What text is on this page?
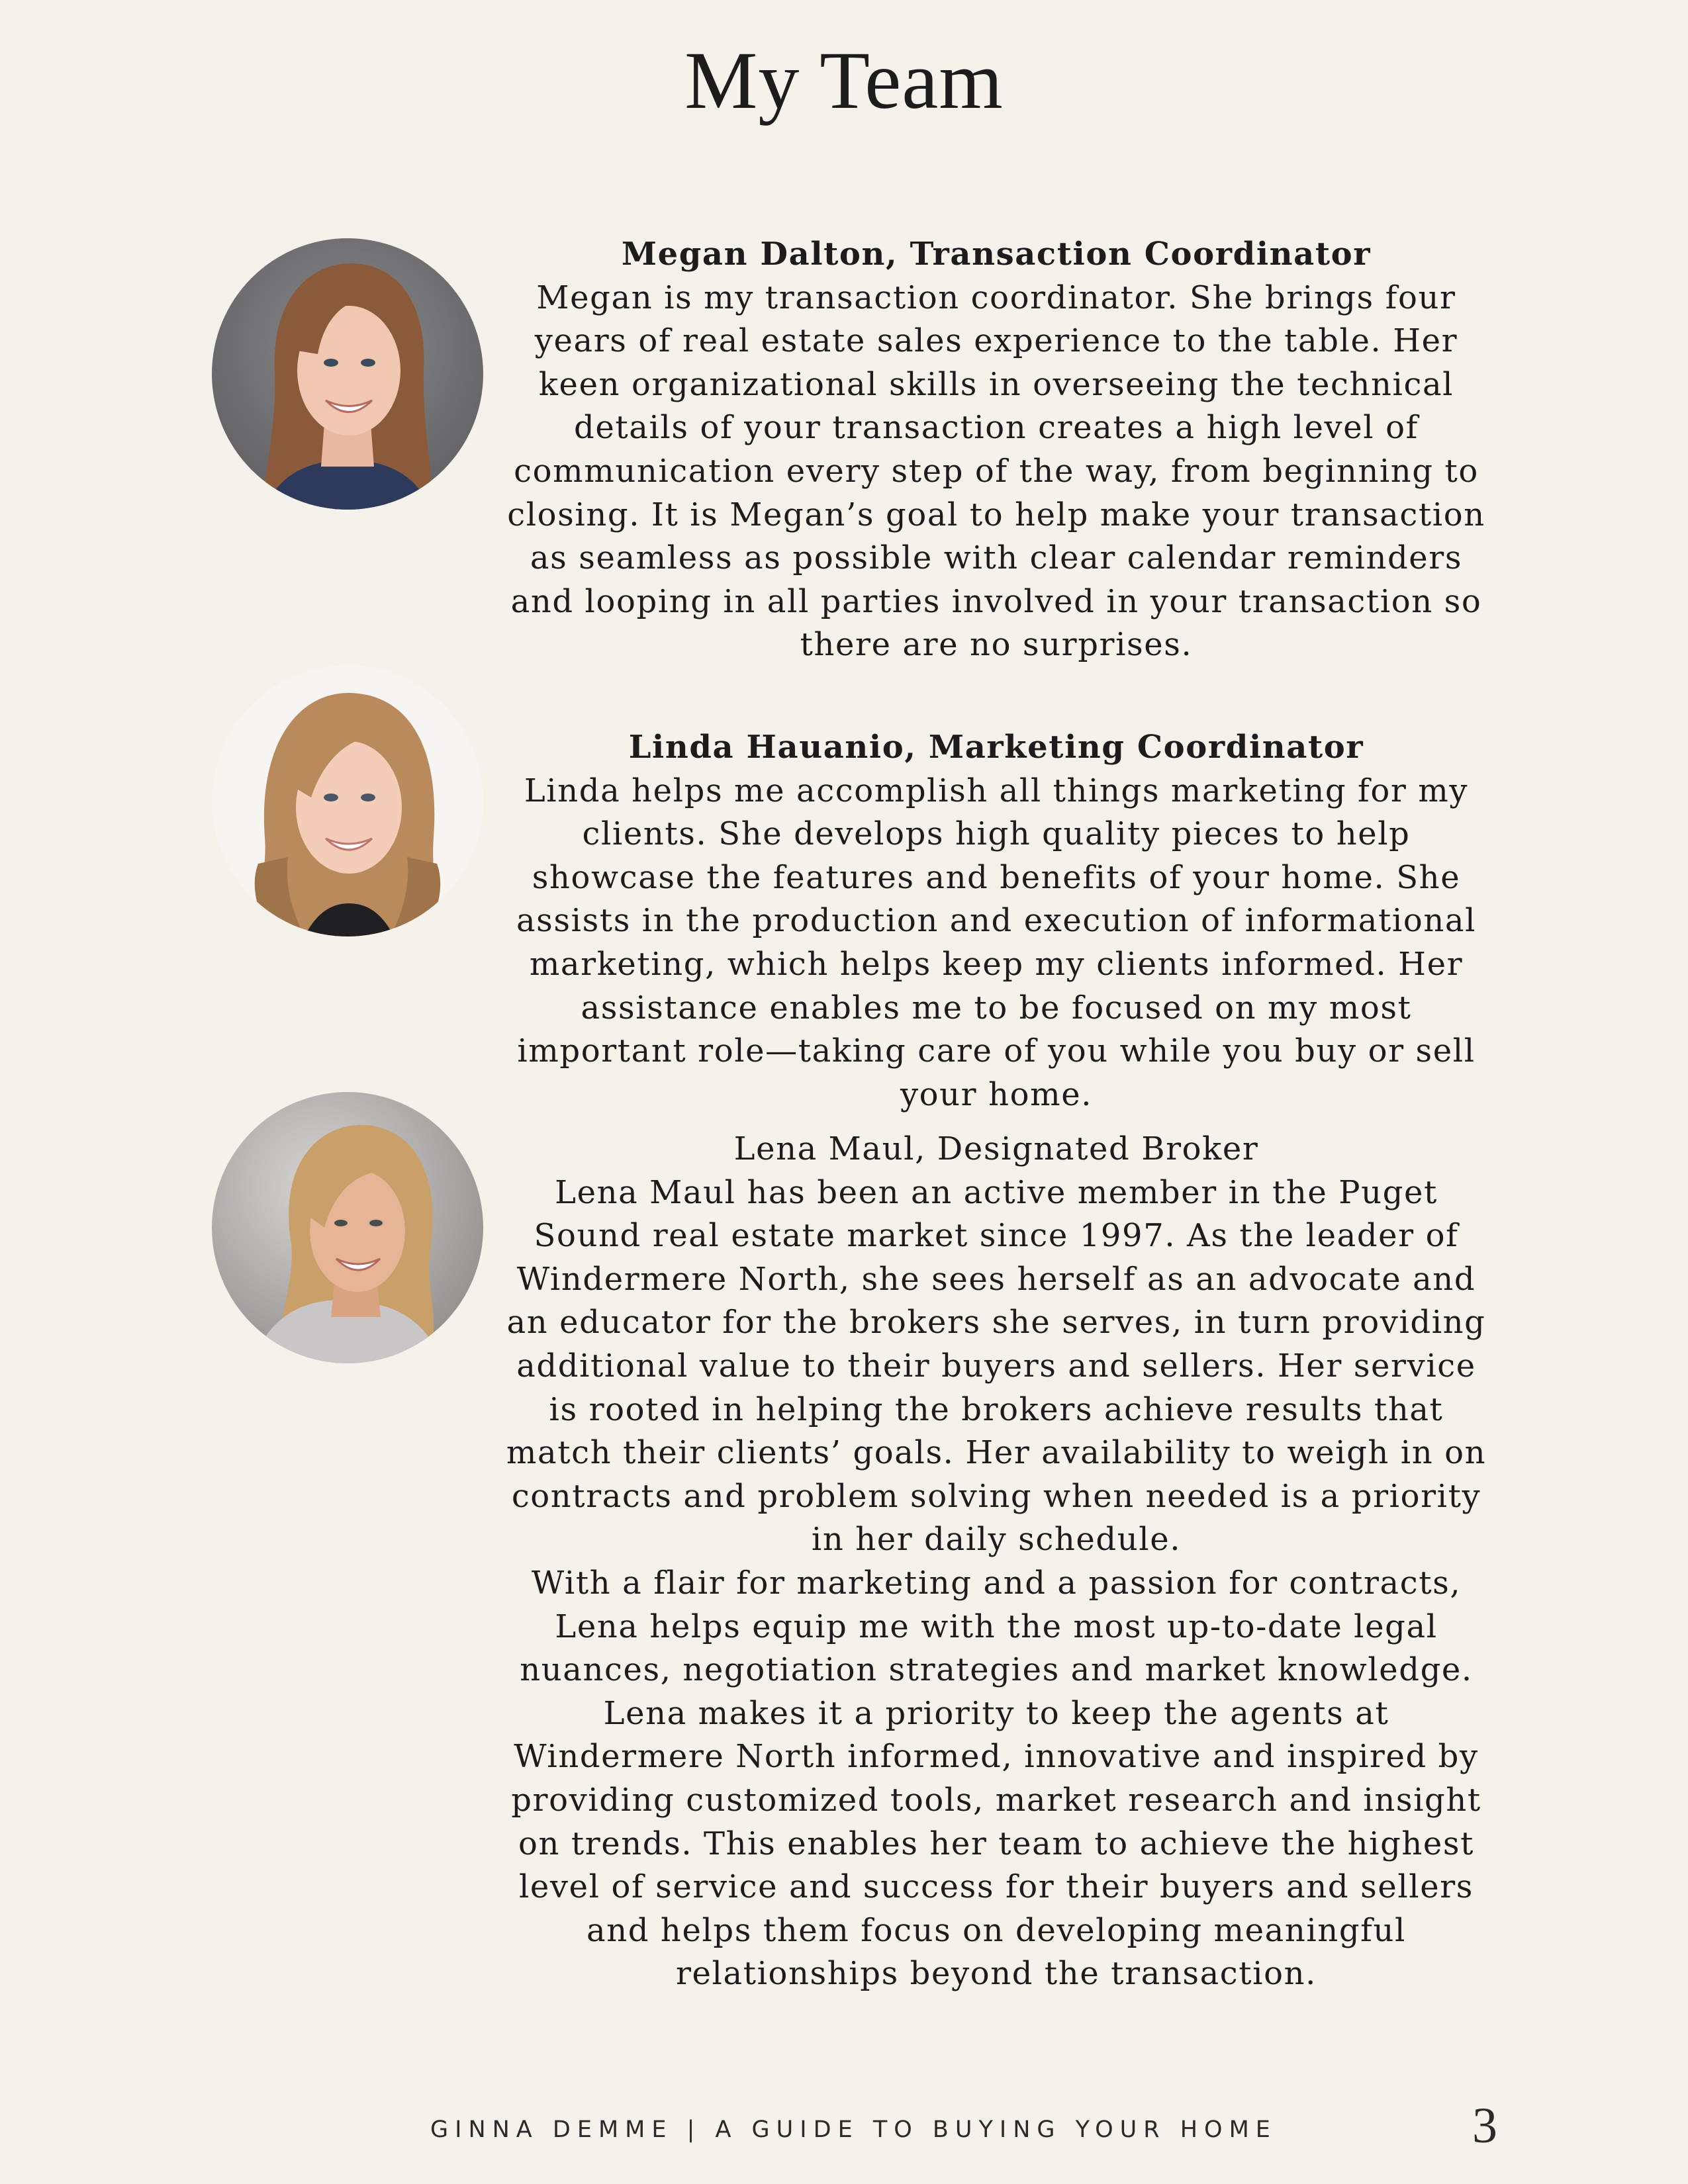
My Team

Megan Dalton, Transaction Coordinator

Megan is my transaction coordinator. She brings four years of real estate sales experience to the table. Her keen organizational skills in overseeing the technical details of your transaction creates a high level of communication every step of the way, from beginning to closing. It is Megan’s goal to help make your transaction as seamless as possible with clear calendar reminders and looping in all parties involved in your transaction so there are no surprises.

Linda Hauanio, Marketing Coordinator

Linda helps me accomplish all things marketing for my clients. She develops high quality pieces to help showcase the features and benefits of your home. She assists in the production and execution of informational marketing, which helps keep my clients informed. Her assistance enables me to be focused on my most important role—taking care of you while you buy or sell your home.

Lena Maul, Designated Broker

Lena Maul has been an active member in the Puget Sound real estate market since 1997. As the leader of Windermere North, she sees herself as an advocate and an educator for the brokers she serves, in turn providing additional value to their buyers and sellers. Her service is rooted in helping the brokers achieve results that match their clients’ goals. Her availability to weigh in on contracts and problem solving when needed is a priority in her daily schedule.

With a flair for marketing and a passion for contracts, Lena helps equip me with the most up-to-date legal nuances, negotiation strategies and market knowledge. Lena makes it a priority to keep the agents at Windermere North informed, innovative and inspired by providing customized tools, market research and insight on trends. This enables her team to achieve the highest level of service and success for their buyers and sellers and helps them focus on developing meaningful relationships beyond the transaction.

GINNA DEMME | A GUIDE TO BUYING YOUR HOME	3
